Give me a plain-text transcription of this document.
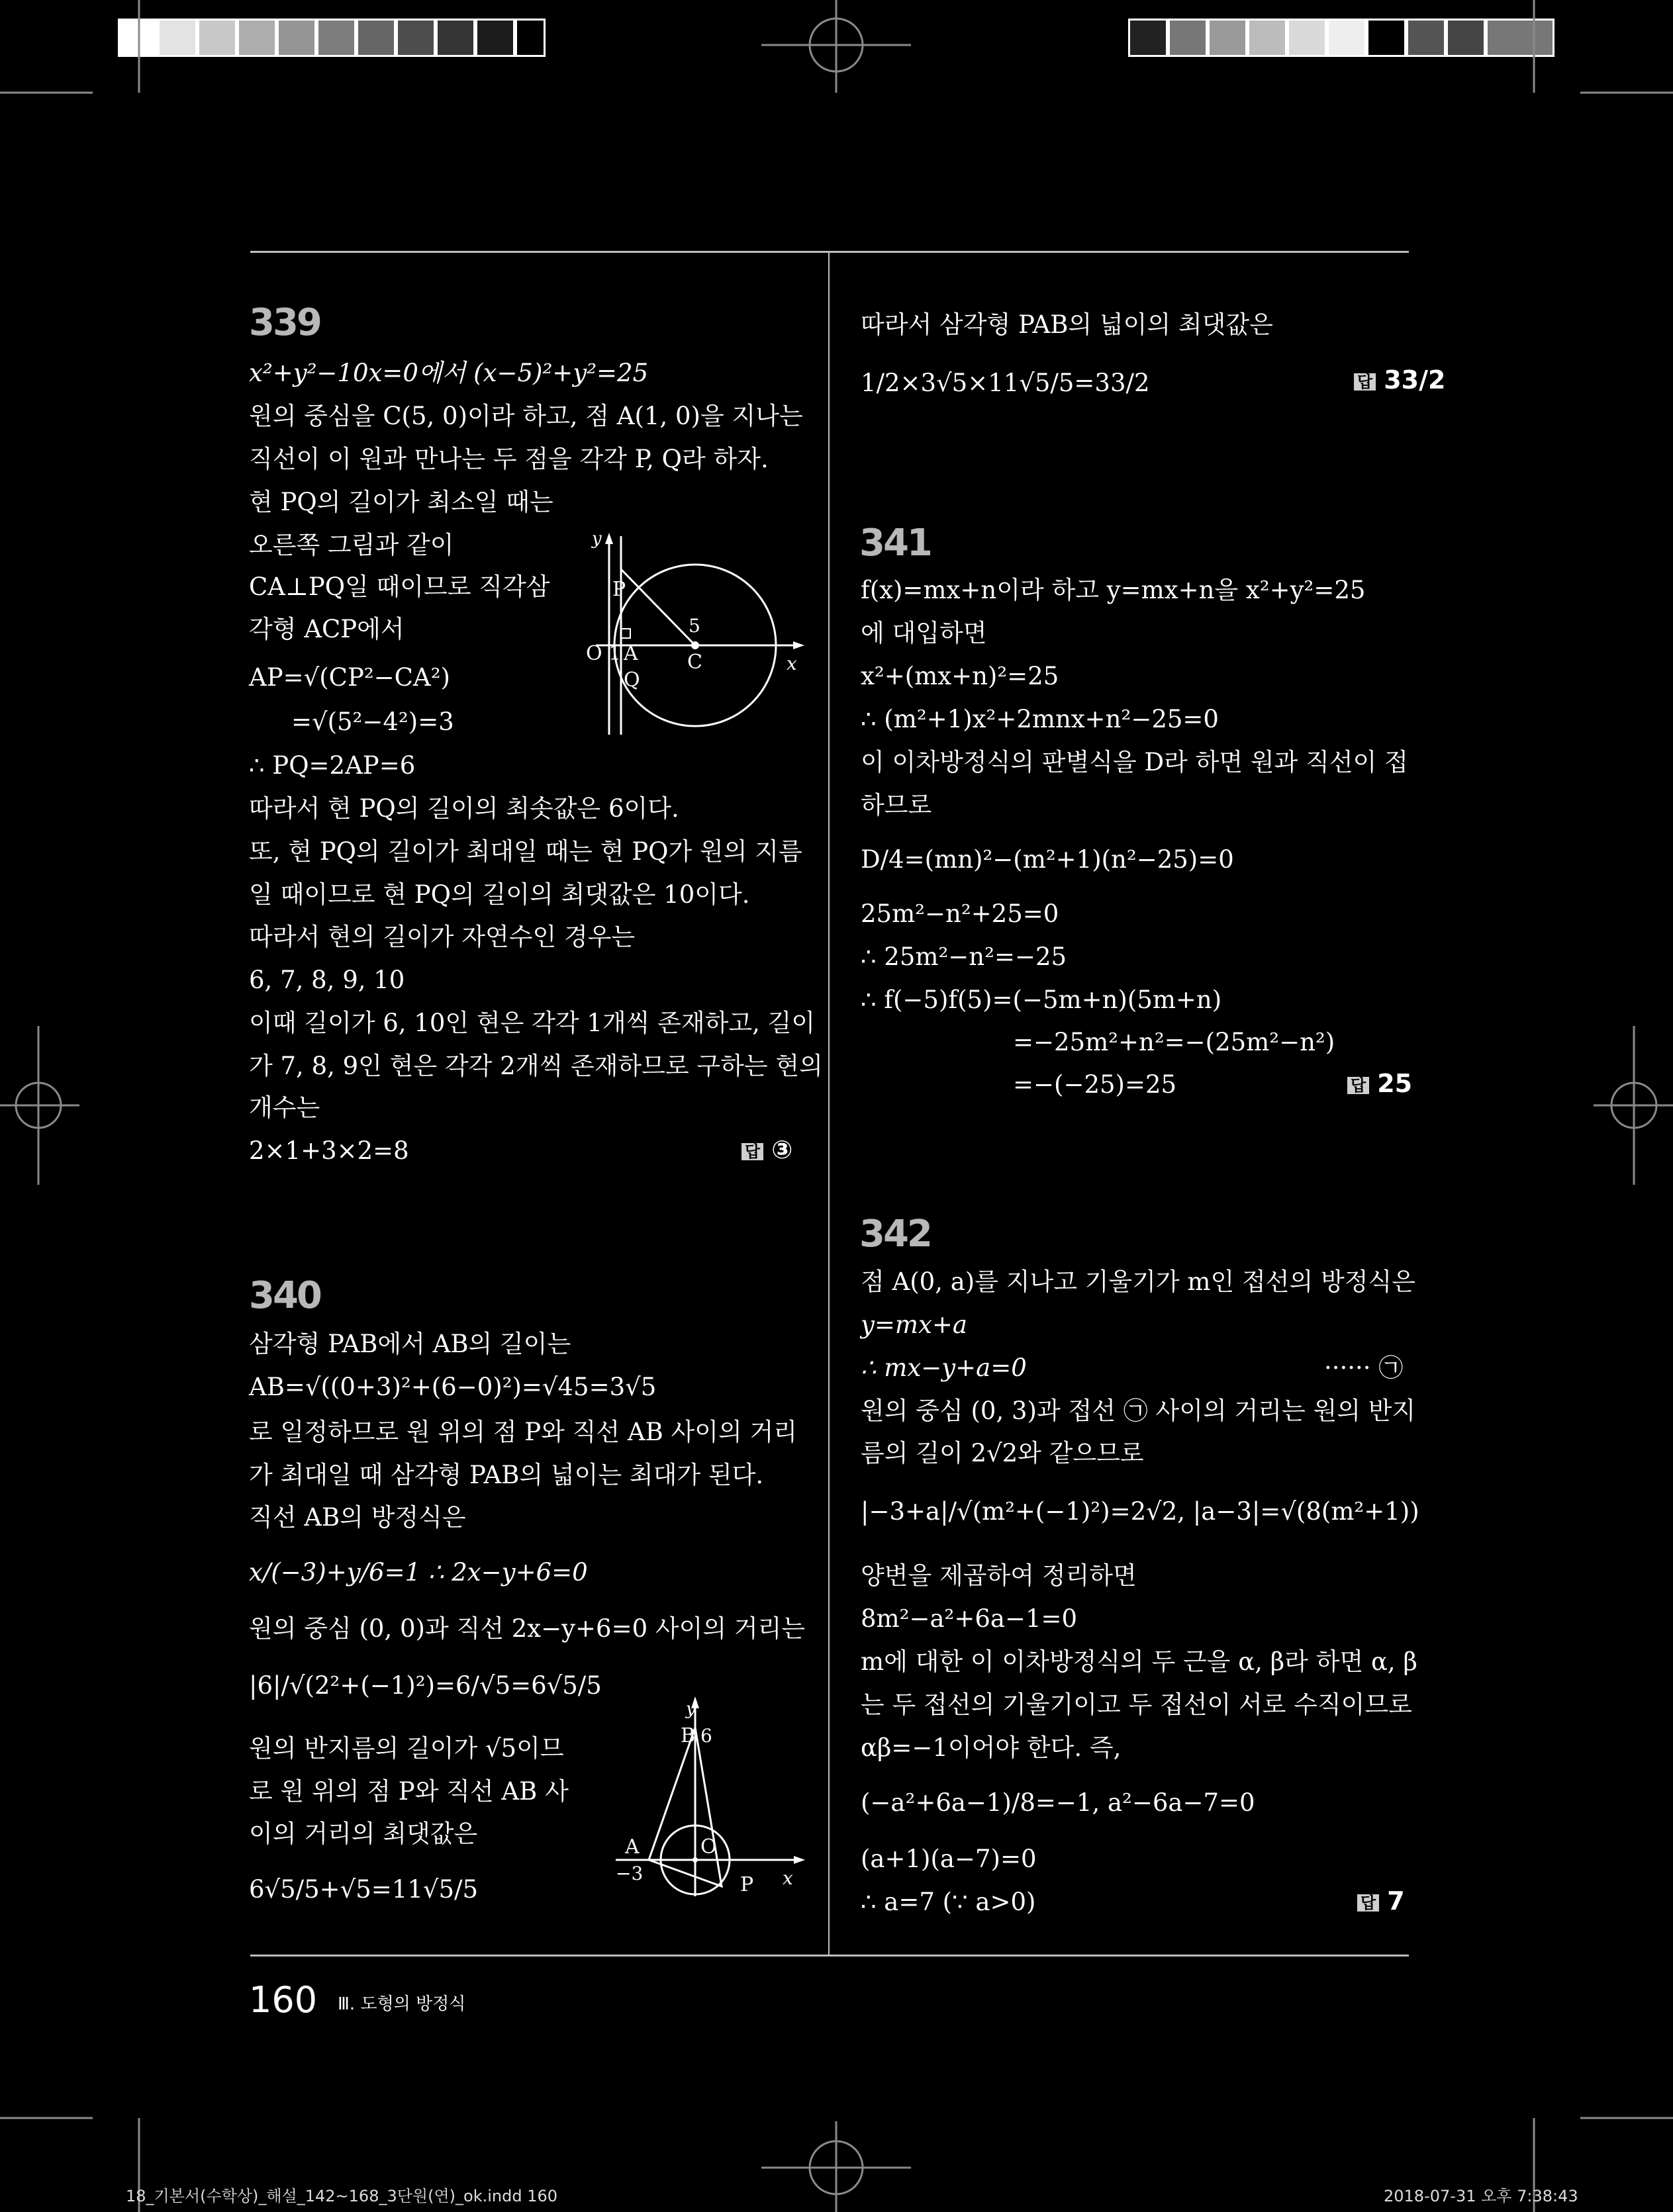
339
x²+y²−10x=0에서 (x−5)²+y²=25
원의 중심을 C(5, 0)이라 하고, 점 A(1, 0)을 지나는
직선이 이 원과 만나는 두 점을 각각 P, Q라 하자.
현 PQ의 길이가 최소일 때는
오른쪽 그림과 같이
CA⊥PQ일 때이므로 직각삼
각형 ACP에서
AP=√(CP²−CA²)
=√(5²−4²)=3
∴ PQ=2AP=6
따라서 현 PQ의 길이의 최솟값은 6이다.
또, 현 PQ의 길이가 최대일 때는 현 PQ가 원의 지름
일 때이므로 현 PQ의 길이의 최댓값은 10이다.
따라서 현의 길이가 자연수인 경우는
6, 7, 8, 9, 10
이때 길이가 6, 10인 현은 각각 1개씩 존재하고, 길이
가 7, 8, 9인 현은 각각 2개씩 존재하므로 구하는 현의
개수는
2×1+3×2=8	답 ③
y
x
P
O 1 A
Q
5
C
340
삼각형 PAB에서 AB의 길이는
AB=√((0+3)²+(6−0)²)=√45=3√5
로 일정하므로 원 위의 점 P와 직선 AB 사이의 거리
가 최대일 때 삼각형 PAB의 넓이는 최대가 된다.
직선 AB의 방정식은
x/(−3)+y/6=1 ∴ 2x−y+6=0
원의 중심 (0, 0)과 직선 2x−y+6=0 사이의 거리는
|6|/√(2²+(−1)²)=6/√5=6√5/5
원의 반지름의 길이가 √5이므
로 원 위의 점 P와 직선 AB 사
이의 거리의 최댓값은
6√5/5+√5=11√5/5
y
B 6
A
−3
O
P x
따라서 삼각형 PAB의 넓이의 최댓값은
1/2×3√5×11√5/5=33/2	답 33/2
341
f(x)=mx+n이라 하고 y=mx+n을 x²+y²=25
에 대입하면
x²+(mx+n)²=25
∴ (m²+1)x²+2mnx+n²−25=0
이 이차방정식의 판별식을 D라 하면 원과 직선이 접
하므로
D/4=(mn)²−(m²+1)(n²−25)=0
25m²−n²+25=0
∴ 25m²−n²=−25
∴ f(−5)f(5)=(−5m+n)(5m+n)
=−25m²+n²=−(25m²−n²)
=−(−25)=25	답 25
342
점 A(0, a)를 지나고 기울기가 m인 접선의 방정식은
y=mx+a
∴ mx−y+a=0	······ ㉠
원의 중심 (0, 3)과 접선 ㉠ 사이의 거리는 원의 반지
름의 길이 2√2와 같으므로
|−3+a|/√(m²+(−1)²)=2√2, |a−3|=√(8(m²+1))
양변을 제곱하여 정리하면
8m²−a²+6a−1=0
m에 대한 이 이차방정식의 두 근을 α, β라 하면 α, β
는 두 접선의 기울기이고 두 접선이 서로 수직이므로
αβ=−1이어야 한다. 즉,
(−a²+6a−1)/8=−1, a²−6a−7=0
(a+1)(a−7)=0
∴ a=7 (∵ a>0)	답 7
160 Ⅲ. 도형의 방정식
18_기본서(수학상)_해설_142~168_3단원(연)_ok.indd 160	2018-07-31 오후 7:38:43
